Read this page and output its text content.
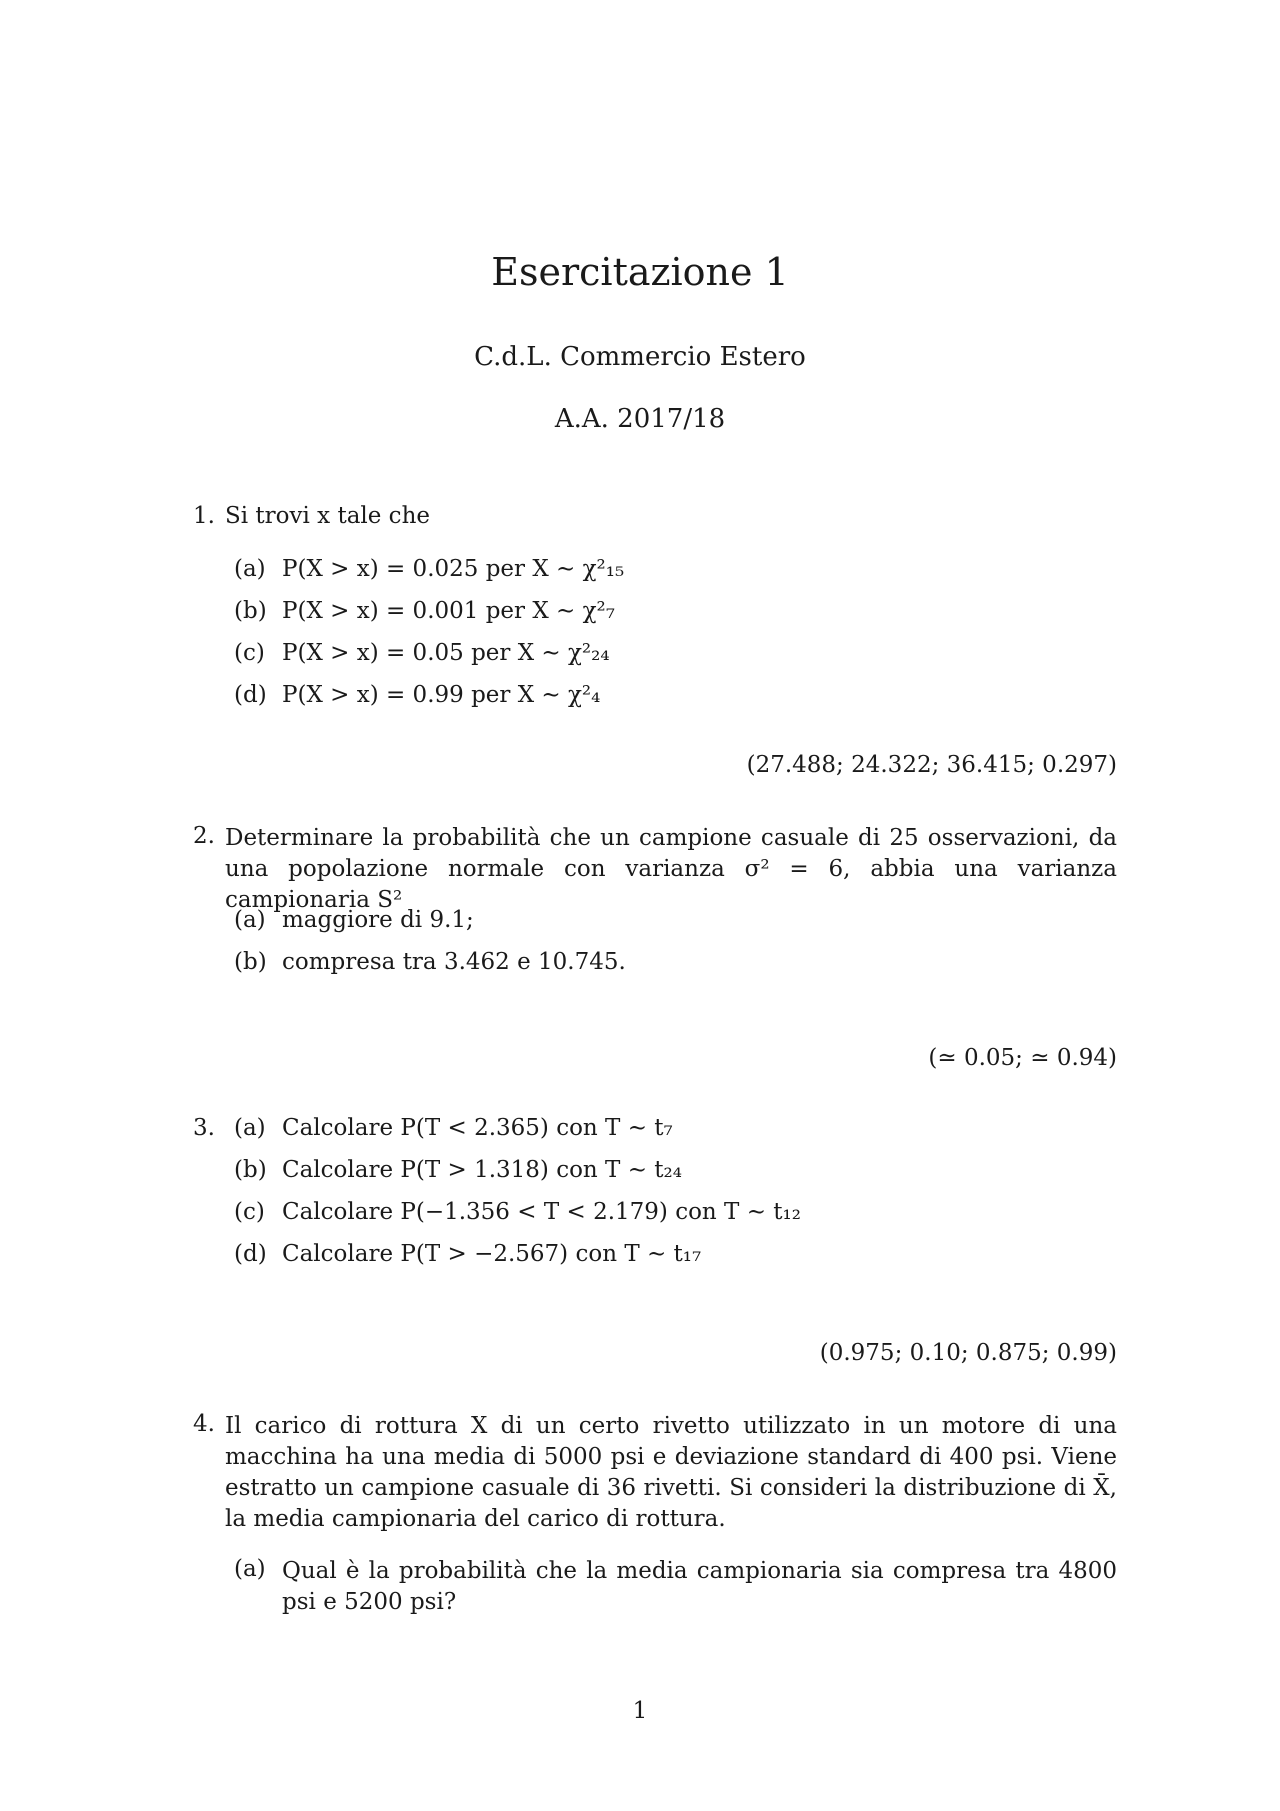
Esercitazione 1
C.d.L. Commercio Estero
A.A. 2017/18
1. Si trovi x tale che
(a) P(X > x) = 0.025 per X ∼ χ²₁₅
(b) P(X > x) = 0.001 per X ∼ χ²₇
(c) P(X > x) = 0.05 per X ∼ χ²₂₄
(d) P(X > x) = 0.99 per X ∼ χ²₄
(27.488; 24.322; 36.415; 0.297)
2. Determinare la probabilità che un campione casuale di 25 osservazioni, da una popolazione normale con varianza σ² = 6, abbia una varianza campionaria S²
(a) maggiore di 9.1;
(b) compresa tra 3.462 e 10.745.
(≃ 0.05; ≃ 0.94)
3. (a) Calcolare P(T < 2.365) con T ∼ t₇
(b) Calcolare P(T > 1.318) con T ∼ t₂₄
(c) Calcolare P(−1.356 < T < 2.179) con T ∼ t₁₂
(d) Calcolare P(T > −2.567) con T ∼ t₁₇
(0.975; 0.10; 0.875; 0.99)
4. Il carico di rottura X di un certo rivetto utilizzato in un motore di una macchina ha una media di 5000 psi e deviazione standard di 400 psi. Viene estratto un campione casuale di 36 rivetti. Si consideri la distribuzione di X̄, la media campionaria del carico di rottura.
(a) Qual è la probabilità che la media campionaria sia compresa tra 4800 psi e 5200 psi?
1
